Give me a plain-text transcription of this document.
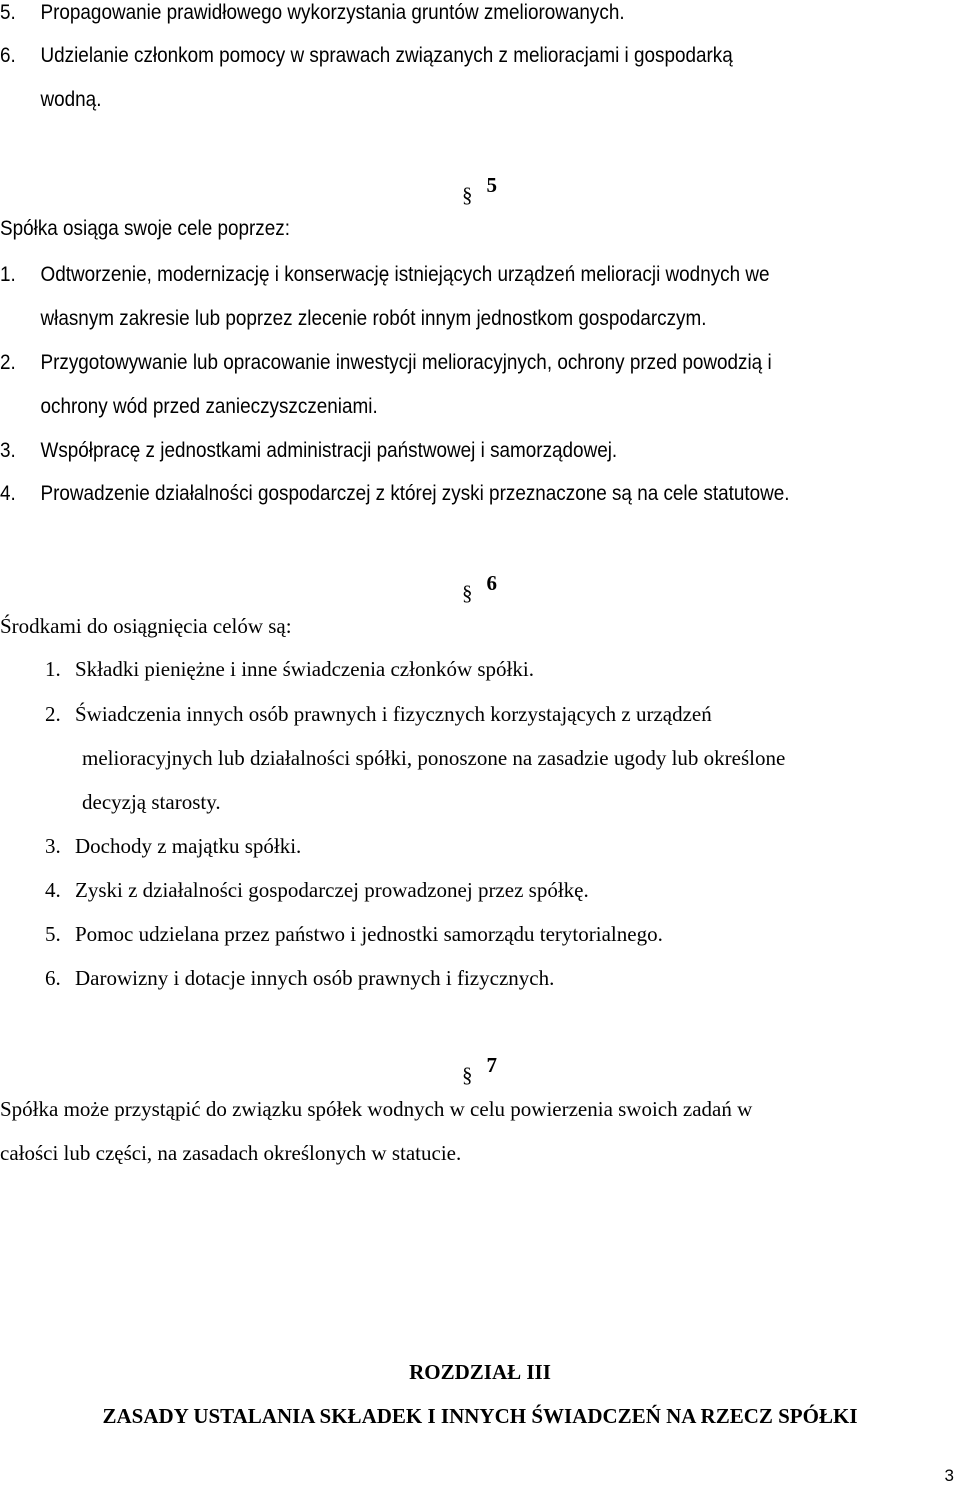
5. Propagowanie prawidłowego wykorzystania gruntów zmeliorowanych.

6. Udzielanie członkom pomocy w sprawach związanych z melioracjami i gospodarką

wodną.

§ 5

Spółka osiąga swoje cele poprzez:

1. Odtworzenie, modernizację i konserwację istniejących urządzeń melioracji wodnych we

własnym zakresie lub poprzez zlecenie robót innym jednostkom gospodarczym.

2. Przygotowywanie lub opracowanie inwestycji melioracyjnych, ochrony przed powodzią i

ochrony wód przed zanieczyszczeniami.

3. Współpracę z jednostkami administracji państwowej i samorządowej.

4. Prowadzenie działalności gospodarczej z której zyski przeznaczone są na cele statutowe.

§ 6

Środkami do osiągnięcia celów są:

1. Składki pieniężne i inne świadczenia członków spółki.

2. Świadczenia innych osób prawnych i fizycznych korzystających z urządzeń

melioracyjnych lub działalności spółki, ponoszone na zasadzie ugody lub określone

decyzją starosty.

3. Dochody z majątku spółki.

4. Zyski z działalności gospodarczej prowadzonej przez spółkę.

5. Pomoc udzielana przez państwo i jednostki samorządu terytorialnego.

6. Darowizny i dotacje innych osób prawnych i fizycznych.

§ 7

Spółka może przystąpić do związku spółek wodnych w celu powierzenia swoich zadań w

całości lub części, na zasadach określonych w statucie.

ROZDZIAŁ III
ZASADY USTALANIA SKŁADEK I INNYCH ŚWIADCZEŃ NA RZECZ SPÓŁKI
3
